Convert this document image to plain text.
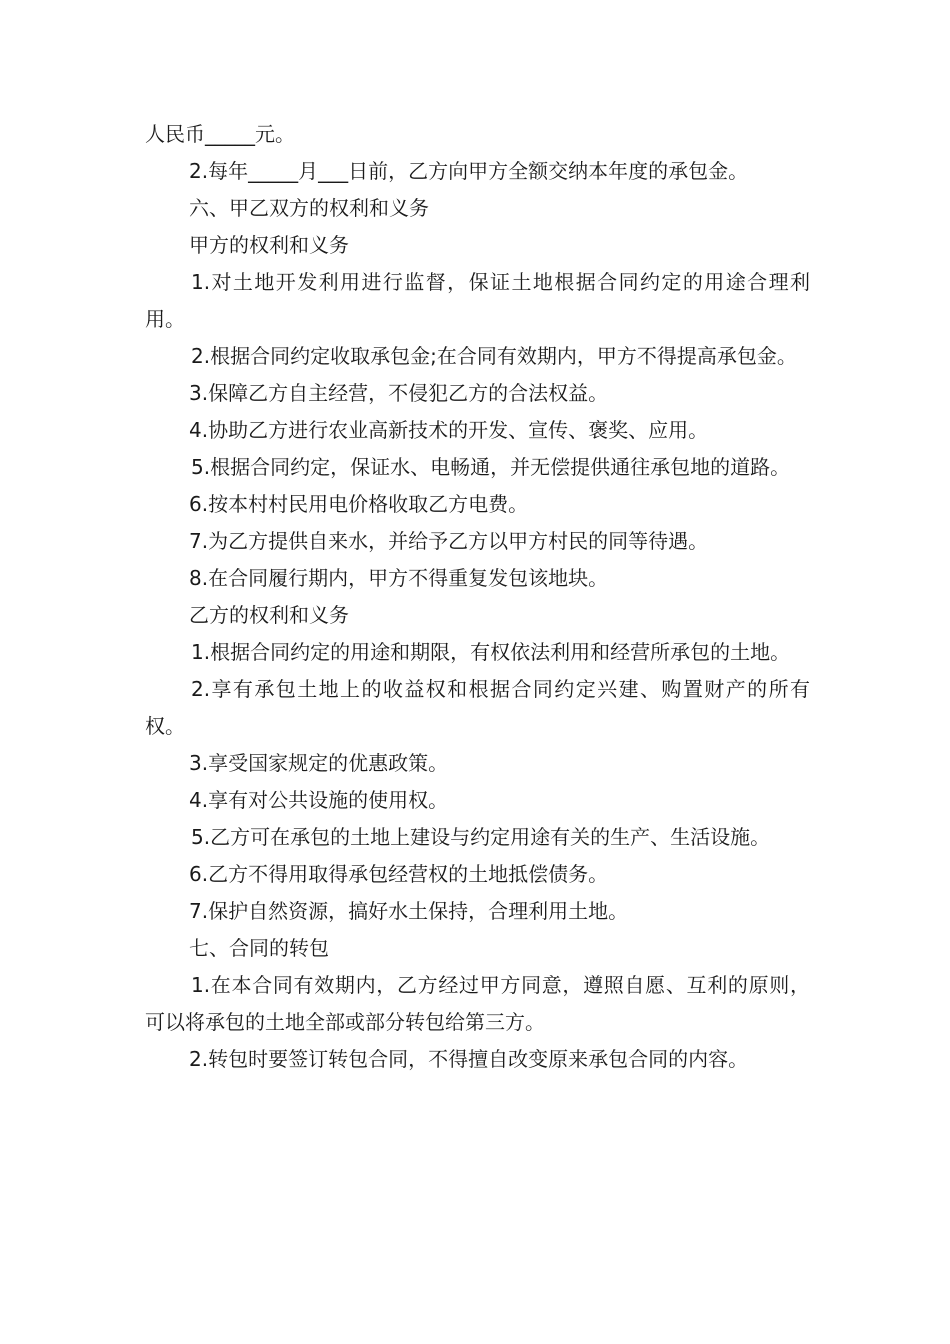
人民币_____元。

2.每年_____月___日前，乙方向甲方全额交纳本年度的承包金。

六、甲乙双方的权利和义务

甲方的权利和义务

1.对土地开发利用进行监督，保证土地根据合同约定的用途合理利用。

2.根据合同约定收取承包金;在合同有效期内，甲方不得提高承包金。

3.保障乙方自主经营，不侵犯乙方的合法权益。

4.协助乙方进行农业高新技术的开发、宣传、褒奖、应用。

5.根据合同约定，保证水、电畅通，并无偿提供通往承包地的道路。

6.按本村村民用电价格收取乙方电费。

7.为乙方提供自来水，并给予乙方以甲方村民的同等待遇。

8.在合同履行期内，甲方不得重复发包该地块。

乙方的权利和义务

1.根据合同约定的用途和期限，有权依法利用和经营所承包的土地。

2.享有承包土地上的收益权和根据合同约定兴建、购置财产的所有权。

3.享受国家规定的优惠政策。

4.享有对公共设施的使用权。

5.乙方可在承包的土地上建设与约定用途有关的生产、生活设施。

6.乙方不得用取得承包经营权的土地抵偿债务。

7.保护自然资源，搞好水土保持，合理利用土地。

七、合同的转包

1.在本合同有效期内，乙方经过甲方同意，遵照自愿、互利的原则，可以将承包的土地全部或部分转包给第三方。

2.转包时要签订转包合同，不得擅自改变原来承包合同的内容。
